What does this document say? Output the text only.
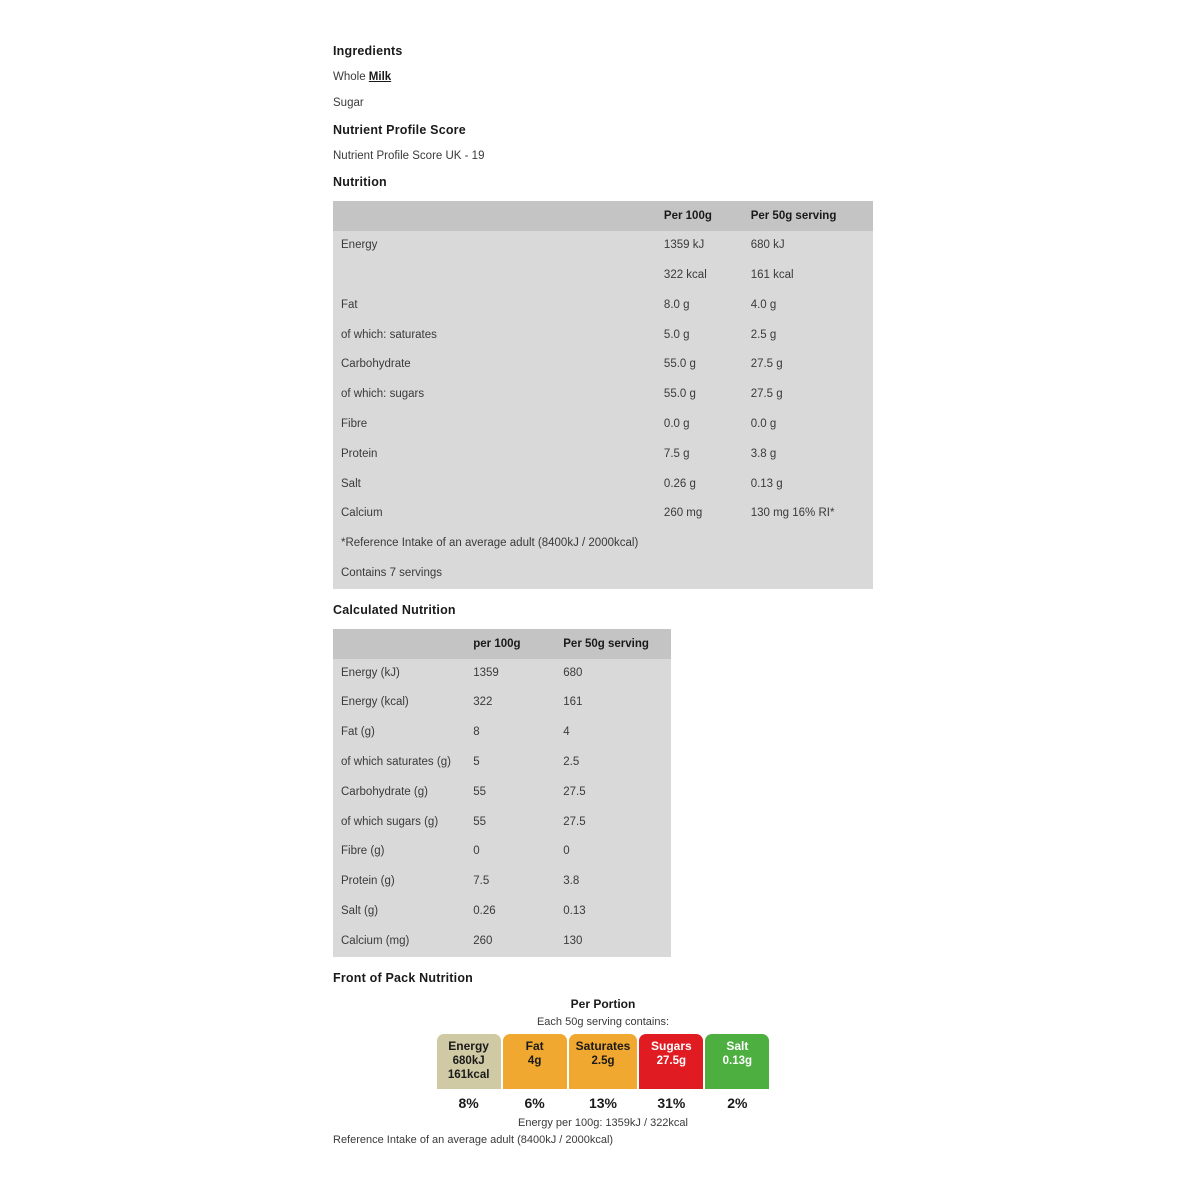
Ingredients

Whole Milk

Sugar

Nutrient Profile Score

Nutrient Profile Score UK - 19

Nutrition
	Per 100g	Per 50g serving
Energy	1359 kJ	680 kJ
	322 kcal	161 kcal
Fat	8.0 g	4.0 g
of which: saturates	5.0 g	2.5 g
Carbohydrate	55.0 g	27.5 g
of which: sugars	55.0 g	27.5 g
Fibre	0.0 g	0.0 g
Protein	7.5 g	3.8 g
Salt	0.26 g	0.13 g
Calcium	260 mg	130 mg 16% RI*
*Reference Intake of an average adult (8400kJ / 2000kcal)		
Contains 7 servings		
Calculated Nutrition
	per 100g	Per 50g serving
Energy (kJ)	1359	680
Energy (kcal)	322	161
Fat (g)	8	4
of which saturates (g)	5	2.5
Carbohydrate (g)	55	27.5
of which sugars (g)	55	27.5
Fibre (g)	0	0
Protein (g)	7.5	3.8
Salt (g)	0.26	0.13
Calcium (mg)	260	130
Front of Pack Nutrition
Per Portion
Each 50g serving contains:
Energy
680kJ
161kcal
8%

Fat
4g

6%

Saturates
2.5g

13%

Sugars
27.5g

31%

Salt
0.13g

2%
Energy per 100g: 1359kJ / 322kcal
Reference Intake of an average adult (8400kJ / 2000kcal)
